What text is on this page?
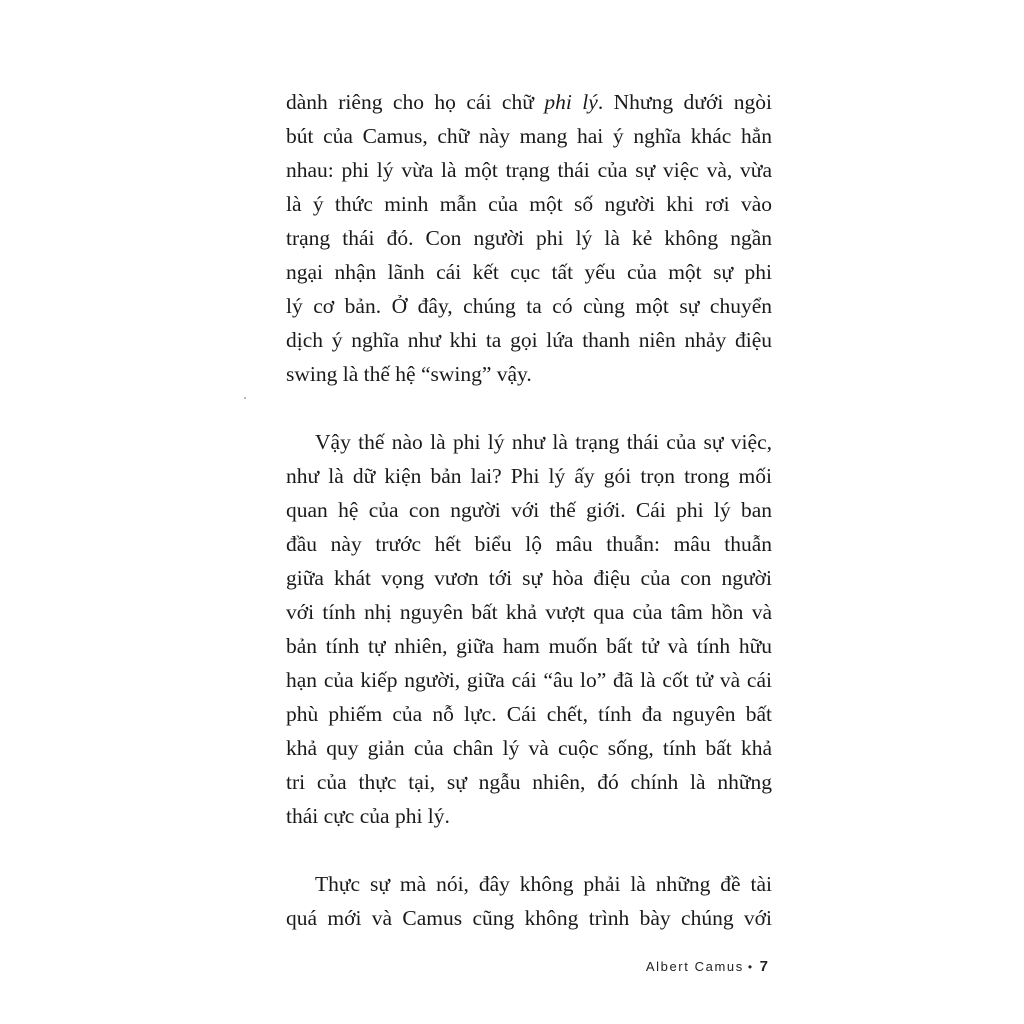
dành riêng cho họ cái chữ phi lý. Nhưng dưới ngòi
bút của Camus, chữ này mang hai ý nghĩa khác hẳn
nhau: phi lý vừa là một trạng thái của sự việc và, vừa
là ý thức minh mẫn của một số người khi rơi vào
trạng thái đó. Con người phi lý là kẻ không ngần
ngại nhận lãnh cái kết cục tất yếu của một sự phi
lý cơ bản. Ở đây, chúng ta có cùng một sự chuyển
dịch ý nghĩa như khi ta gọi lứa thanh niên nhảy điệu
swing là thế hệ “swing” vậy.
Vậy thế nào là phi lý như là trạng thái của sự việc,
như là dữ kiện bản lai? Phi lý ấy gói trọn trong mối
quan hệ của con người với thế giới. Cái phi lý ban
đầu này trước hết biểu lộ mâu thuẫn: mâu thuẫn
giữa khát vọng vươn tới sự hòa điệu của con người
với tính nhị nguyên bất khả vượt qua của tâm hồn và
bản tính tự nhiên, giữa ham muốn bất tử và tính hữu
hạn của kiếp người, giữa cái “âu lo” đã là cốt tử và cái
phù phiếm của nỗ lực. Cái chết, tính đa nguyên bất
khả quy giản của chân lý và cuộc sống, tính bất khả
tri của thực tại, sự ngẫu nhiên, đó chính là những
thái cực của phi lý.
Thực sự mà nói, đây không phải là những đề tài
quá mới và Camus cũng không trình bày chúng với
Albert Camus • 7
